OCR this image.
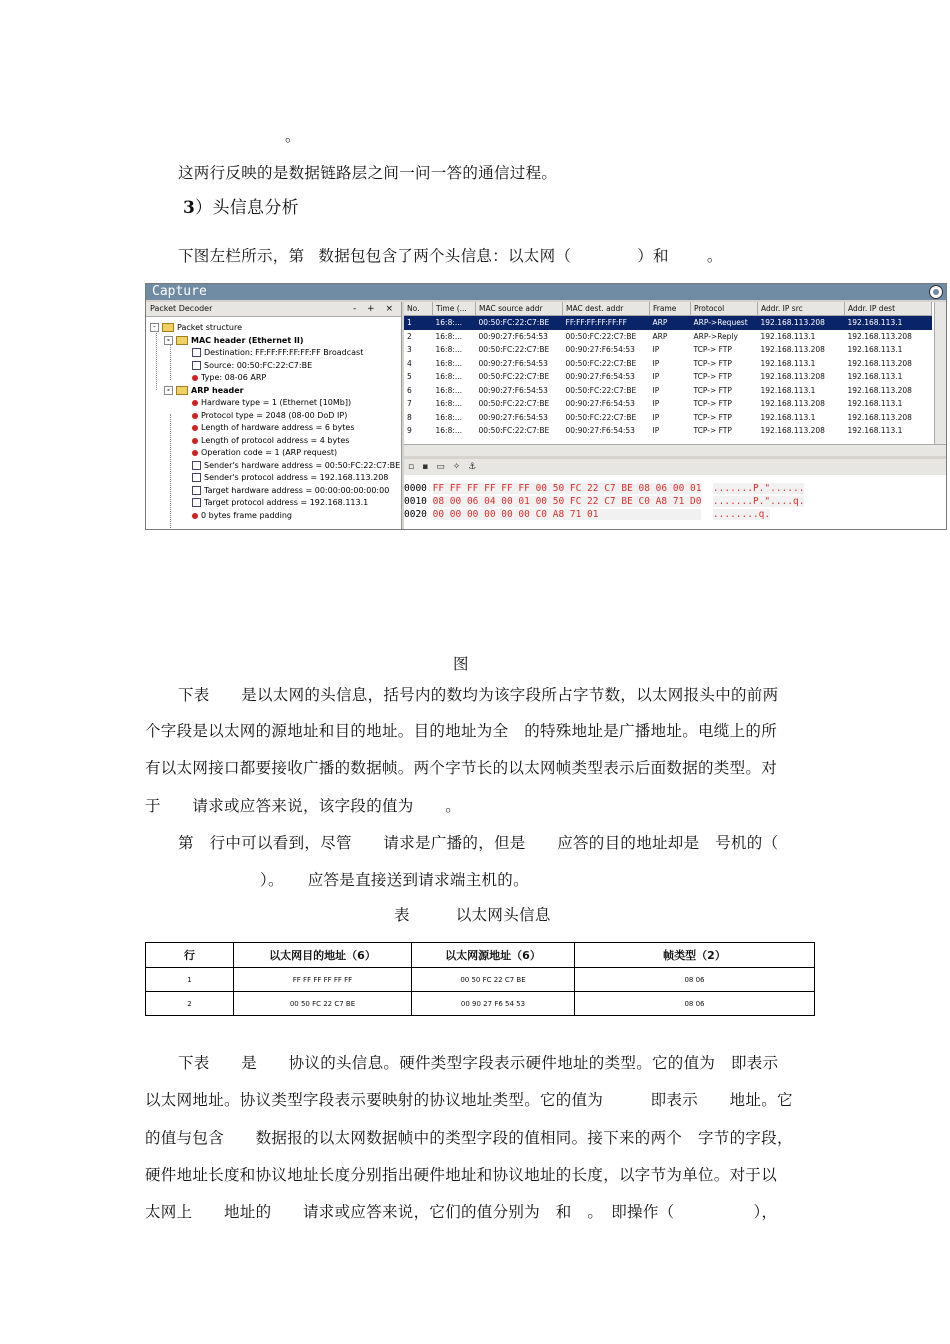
。
这两行反映的是数据链路层之间一问一答的通信过程。
3）头信息分析
下图左栏所示，第 数据包包含了两个头信息：以太网（	）和 。
Capture
Packet Decoder	- + ×
-	Packet structure
-	MAC header (Ethernet II)
Destination: FF:FF:FF:FF:FF:FF Broadcast
Source: 00:50:FC:22:C7:BE
Type: 08-06 ARP
-	ARP header
Hardware type = 1 (Ethernet [10Mb])
Protocol type = 2048 (08-00 DoD IP)
Length of hardware address = 6 bytes
Length of protocol address = 4 bytes
Operation code = 1 (ARP request)
Sender's hardware address = 00:50:FC:22:C7:BE
Sender's protocol address = 192.168.113.208
Target hardware address = 00:00:00:00:00:00
Target protocol address = 192.168.113.1
0 bytes frame padding
No.	Time (...	MAC source addr	MAC dest. addr	Frame	Protocol	Addr. IP src	Addr. IP dest
1	16:8:...	00:50:FC:22:C7:BE	FF:FF:FF:FF:FF:FF	ARP	ARP->Request	192.168.113.208	192.168.113.1
2	16:8:...	00:90:27:F6:54:53	00:50:FC:22:C7:BE	ARP	ARP->Reply	192.168.113.1	192.168.113.208
3	16:8:...	00:50:FC:22:C7:BE	00:90:27:F6:54:53	IP	TCP-> FTP	192.168.113.208	192.168.113.1
4	16:8:...	00:90:27:F6:54:53	00:50:FC:22:C7:BE	IP	TCP-> FTP	192.168.113.1	192.168.113.208
5	16:8:...	00:50:FC:22:C7:BE	00:90:27:F6:54:53	IP	TCP-> FTP	192.168.113.208	192.168.113.1
6	16:8:...	00:90:27:F6:54:53	00:50:FC:22:C7:BE	IP	TCP-> FTP	192.168.113.1	192.168.113.208
7	16:8:...	00:50:FC:22:C7:BE	00:90:27:F6:54:53	IP	TCP-> FTP	192.168.113.208	192.168.113.1
8	16:8:...	00:90:27:F6:54:53	00:50:FC:22:C7:BE	IP	TCP-> FTP	192.168.113.1	192.168.113.208
9	16:8:...	00:50:FC:22:C7:BE	00:90:27:F6:54:53	IP	TCP-> FTP	192.168.113.208	192.168.113.1
▫▪▭✧⚓
0000 FF FF FF FF FF FF 00 50 FC 22 C7 BE 08 06 00 01 .......P."......
0010 08 00 06 04 00 01 00 50 FC 22 C7 BE C0 A8 71 D0 .......P."....q.
0020 00 00 00 00 00 00 C0 A8 71 01	........q.
图
下表　　是以太网的头信息，括号内的数均为该字段所占字节数，以太网报头中的前两
个字段是以太网的源地址和目的地址。目的地址为全　的特殊地址是广播地址。电缆上的所
有以太网接口都要接收广播的数据帧。两个字节长的以太网帧类型表示后面数据的类型。对
于　　请求或应答来说，该字段的值为　　。
第　行中可以看到，尽管　　请求是广播的，但是　　应答的目的地址却是　号机的（
）。　　应答是直接送到请求端主机的。
表	以太网头信息
行	以太网目的地址（6）	以太网源地址（6）	帧类型（2）
1	FF FF FF FF FF FF	00 50 FC 22 C7 BE	08 06
2	00 50 FC 22 C7 BE	00 90 27 F6 54 53	08 06
下表　　是　　协议的头信息。硬件类型字段表示硬件地址的类型。它的值为　即表示
以太网地址。协议类型字段表示要映射的协议地址类型。它的值为　　　即表示　　地址。它
的值与包含　　数据报的以太网数据帧中的类型字段的值相同。接下来的两个　字节的字段，
硬件地址长度和协议地址长度分别指出硬件地址和协议地址的长度，以字节为单位。对于以
太网上　　地址的　　请求或应答来说，它们的值分别为　和　。　即操作（　　　　　），
